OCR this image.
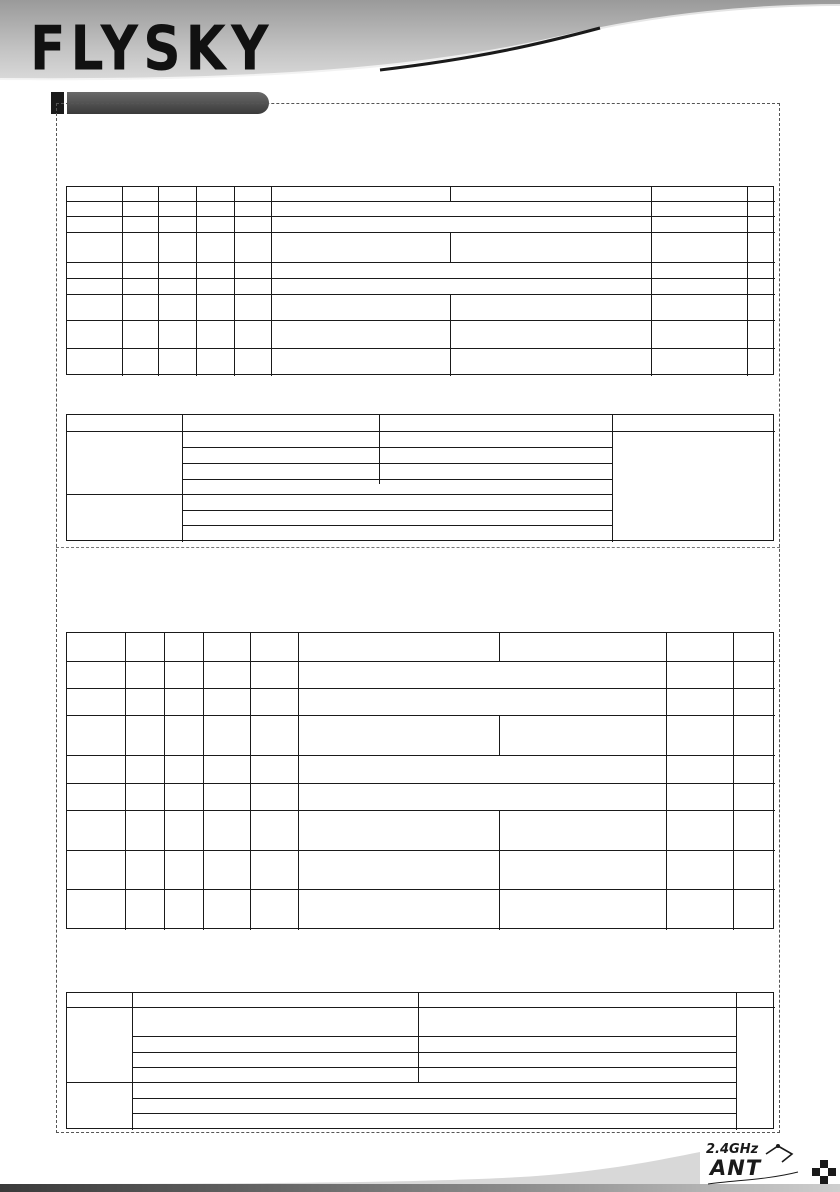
FLYSKY
2.4GHz
ANT
